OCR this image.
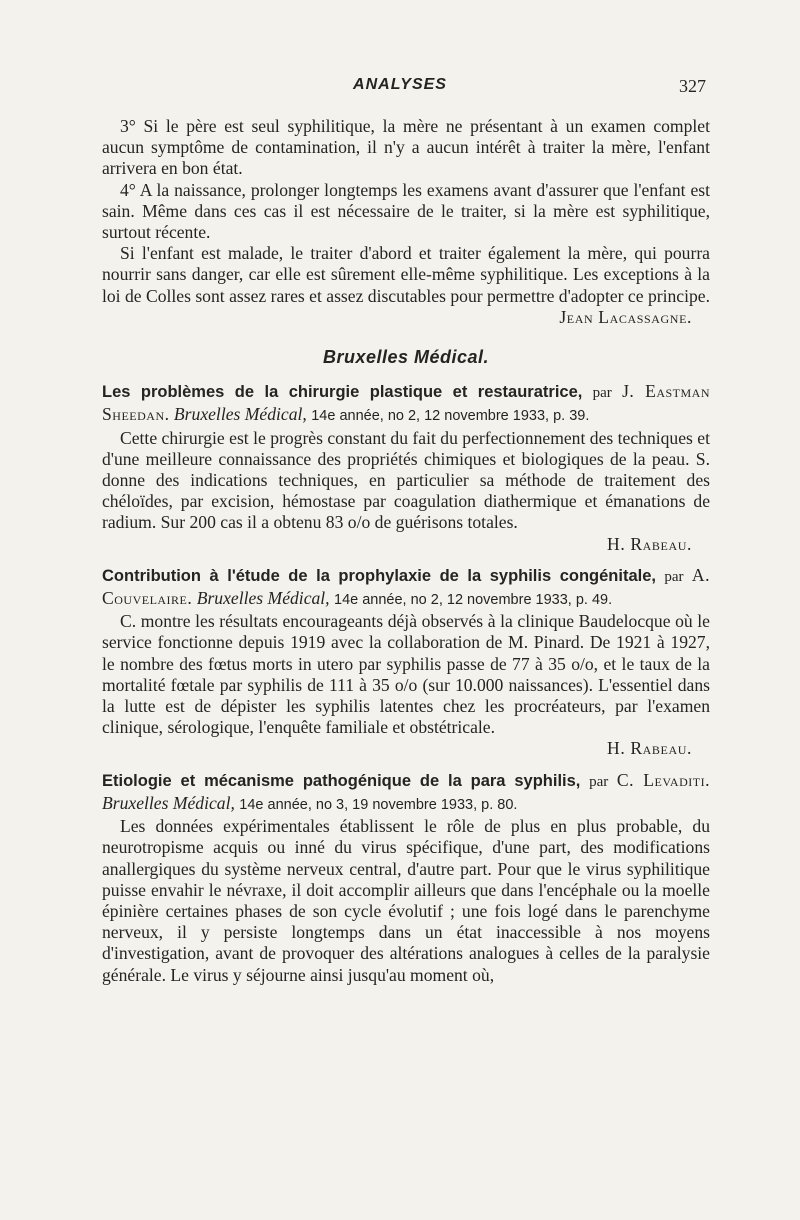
ANALYSES	327

3° Si le père est seul syphilitique, la mère ne présentant à un examen complet aucun symptôme de contamination, il n'y a aucun intérêt à traiter la mère, l'enfant arrivera en bon état.

4° A la naissance, prolonger longtemps les examens avant d'assurer que l'enfant est sain. Même dans ces cas il est nécessaire de le traiter, si la mère est syphilitique, surtout récente.

Si l'enfant est malade, le traiter d'abord et traiter également la mère, qui pourra nourrir sans danger, car elle est sûrement elle-même syphilitique. Les exceptions à la loi de Colles sont assez rares et assez discutables pour permettre d'adopter ce principe.

Jean Lacassagne.

Bruxelles Médical.

Les problèmes de la chirurgie plastique et restauratrice, par J. Eastman Sheedan. Bruxelles Médical, 14e année, no 2, 12 novembre 1933, p. 39.

Cette chirurgie est le progrès constant du fait du perfectionnement des techniques et d'une meilleure connaissance des propriétés chimiques et biologiques de la peau. S. donne des indications techniques, en particulier sa méthode de traitement des chéloïdes, par excision, hémostase par coagulation diathermique et émanations de radium. Sur 200 cas il a obtenu 83 o/o de guérisons totales.

H. Rabeau.

Contribution à l'étude de la prophylaxie de la syphilis congénitale, par A. Couvelaire. Bruxelles Médical, 14e année, no 2, 12 novembre 1933, p. 49.

C. montre les résultats encourageants déjà observés à la clinique Baudelocque où le service fonctionne depuis 1919 avec la collaboration de M. Pinard. De 1921 à 1927, le nombre des fœtus morts in utero par syphilis passe de 77 à 35 o/o, et le taux de la mortalité fœtale par syphilis de 111 à 35 o/o (sur 10.000 naissances). L'essentiel dans la lutte est de dépister les syphilis latentes chez les procréateurs, par l'examen clinique, sérologique, l'enquête familiale et obstétricale.

H. Rabeau.

Etiologie et mécanisme pathogénique de la para syphilis, par C. Levaditi. Bruxelles Médical, 14e année, no 3, 19 novembre 1933, p. 80.

Les données expérimentales établissent le rôle de plus en plus probable, du neurotropisme acquis ou inné du virus spécifique, d'une part, des modifications anallergiques du système nerveux central, d'autre part. Pour que le virus syphilitique puisse envahir le névraxe, il doit accomplir ailleurs que dans l'encéphale ou la moelle épinière certaines phases de son cycle évolutif ; une fois logé dans le parenchyme nerveux, il y persiste longtemps dans un état inaccessible à nos moyens d'investigation, avant de provoquer des altérations analogues à celles de la paralysie générale. Le virus y séjourne ainsi jusqu'au moment où,
